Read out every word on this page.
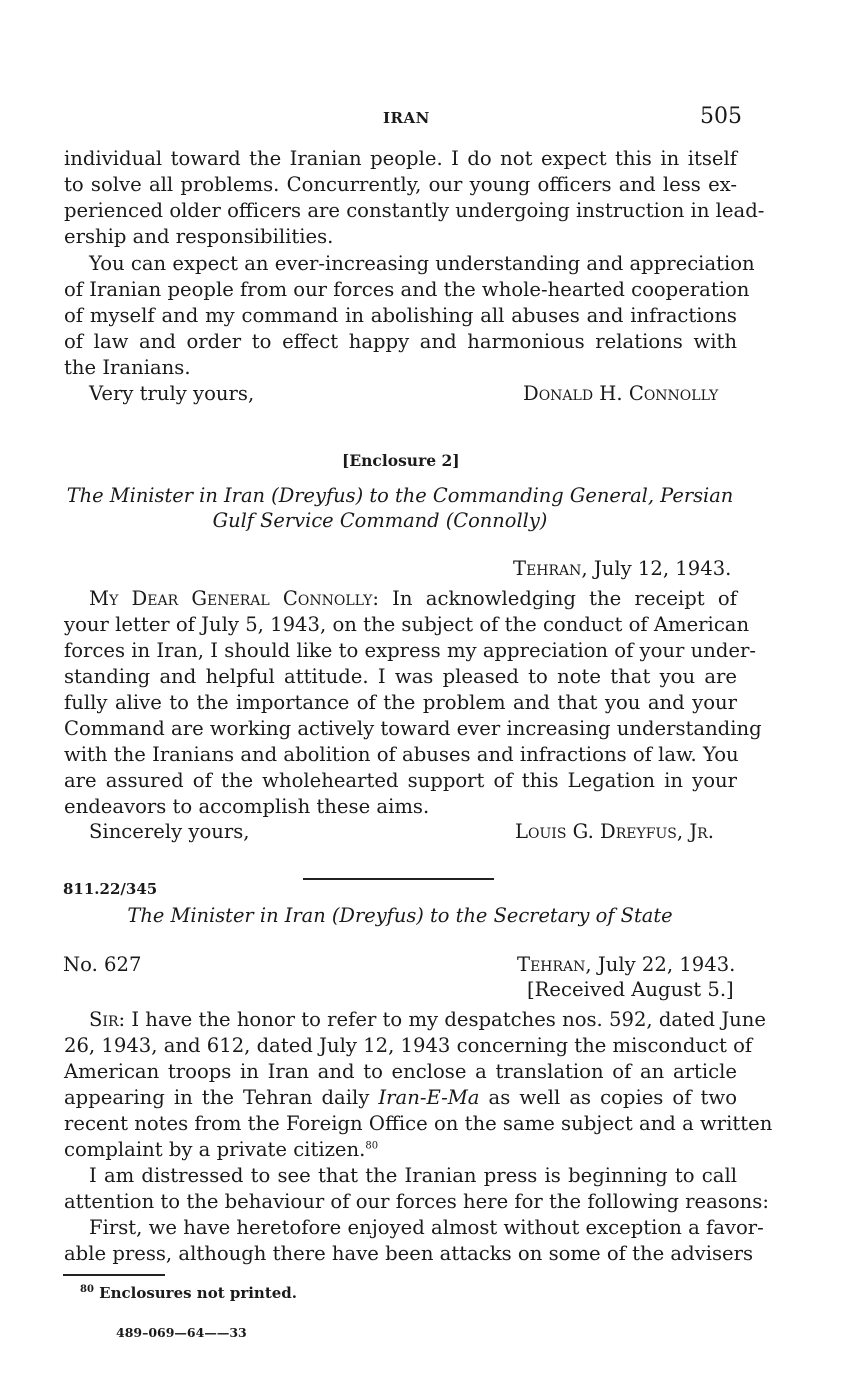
IRAN	505
individual toward the Iranian people. I do not expect this in itself
to solve all problems. Concurrently, our young officers and less ex-
perienced older officers are constantly undergoing instruction in lead-
ership and responsibilities.
You can expect an ever-increasing understanding and appreciation
of Iranian people from our forces and the whole-hearted cooperation
of myself and my command in abolishing all abuses and infractions
of law and order to effect happy and harmonious relations with
the Iranians.
Very truly yours,	Donald H. Connolly
[Enclosure 2]
The Minister in Iran (Dreyfus) to the Commanding General, Persian
Gulf Service Command (Connolly)
Tehran, July 12, 1943.
My Dear General Connolly: In acknowledging the receipt of
your letter of July 5, 1943, on the subject of the conduct of American
forces in Iran, I should like to express my appreciation of your under-
standing and helpful attitude. I was pleased to note that you are
fully alive to the importance of the problem and that you and your
Command are working actively toward ever increasing understanding
with the Iranians and abolition of abuses and infractions of law. You
are assured of the wholehearted support of this Legation in your
endeavors to accomplish these aims.
Sincerely yours,	Louis G. Dreyfus, Jr.
811.22/345
The Minister in Iran (Dreyfus) to the Secretary of State
No. 627	Tehran, July 22, 1943.
[Received August 5.]
Sir: I have the honor to refer to my despatches nos. 592, dated June
26, 1943, and 612, dated July 12, 1943 concerning the misconduct of
American troops in Iran and to enclose a translation of an article
appearing in the Tehran daily Iran-E-Ma as well as copies of two
recent notes from the Foreign Office on the same subject and a written
complaint by a private citizen.$^{80}$
I am distressed to see that the Iranian press is beginning to call
attention to the behaviour of our forces here for the following reasons:
First, we have heretofore enjoyed almost without exception a favor-
able press, although there have been attacks on some of the advisers
$^{80}$ Enclosures not printed.
489–069—64——33
